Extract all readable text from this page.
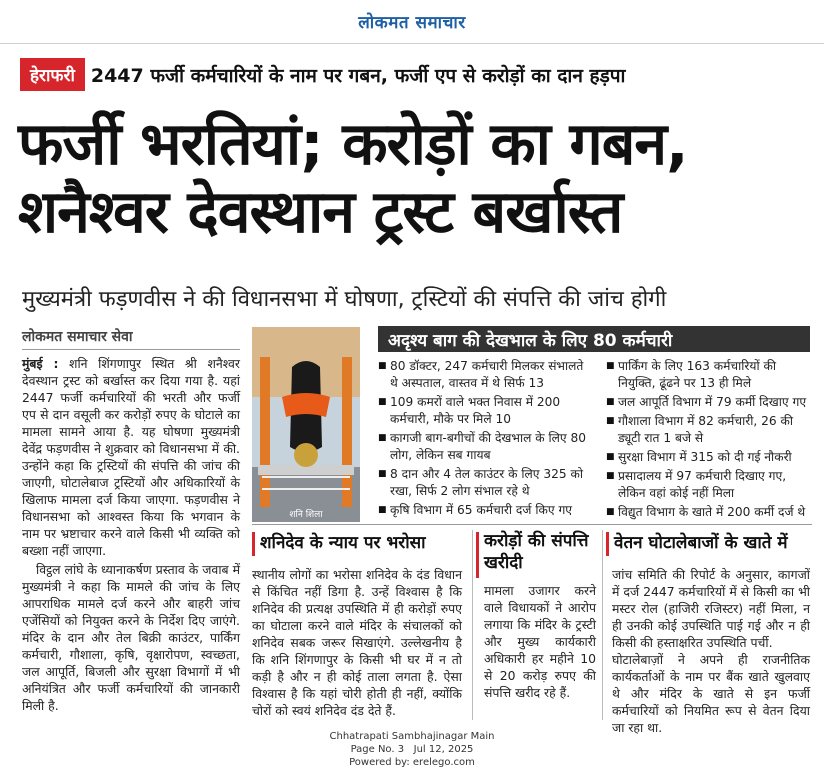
लोकमत समाचार
हेराफरी 2447 फर्जी कर्मचारियों के नाम पर गबन, फर्जी एप से करोड़ों का दान हड़पा
फर्जी भरतियां; करोड़ों का गबन,
शनैश्वर देवस्थान ट्रस्ट बर्खास्त
मुख्यमंत्री फड़णवीस ने की विधानसभा में घोषणा, ट्रस्टियों की संपत्ति की जांच होगी
लोकमत समाचार सेवा

मुंबई : शनि शिंगणापुर स्थित श्री शनैश्वर देवस्थान ट्रस्ट को बर्खास्त कर दिया गया है. यहां 2447 फर्जी कर्मचारियों की भरती और फर्जी एप से दान वसूली कर करोड़ों रुपए के घोटाले का मामला सामने आया है. यह घोषणा मुख्यमंत्री देवेंद्र फड़णवीस ने शुक्रवार को विधानसभा में की. उन्होंने कहा कि ट्रस्टियों की संपत्ति की जांच की जाएगी, घोटालेबाज ट्रस्टियों और अधिकारियों के खिलाफ मामला दर्ज किया जाएगा. फड़णवीस ने विधानसभा को आश्वस्त किया कि भगवान के नाम पर भ्रष्टाचार करने वाले किसी भी व्यक्ति को बख्शा नहीं जाएगा.

विट्ठल लांघे के ध्यानाकर्षण प्रस्ताव के जवाब में मुख्यमंत्री ने कहा कि मामले की जांच के लिए आपराधिक मामले दर्ज करने और बाहरी जांच एजेंसियों को नियुक्त करने के निर्देश दिए जाएंगे. मंदिर के दान और तेल बिक्री काउंटर, पार्किंग कर्मचारी, गौशाला, कृषि, वृक्षारोपण, स्वच्छता, जल आपूर्ति, बिजली और सुरक्षा विभागों में भी अनियंत्रित और फर्जी कर्मचारियों की जानकारी मिली है.

शनि शिला
अदृश्य बाग की देखभाल के लिए 80 कर्मचारी
■ 80 डॉक्टर, 247 कर्मचारी मिलकर संभालते थे अस्पताल, वास्तव में थे सिर्फ 13
■ 109 कमरों वाले भक्त निवास में 200 कर्मचारी, मौके पर मिले 10
■ कागजी बाग-बगीचों की देखभाल के लिए 80 लोग, लेकिन सब गायब
■ 8 दान और 4 तेल काउंटर के लिए 325 को रखा, सिर्फ 2 लोग संभाल रहे थे
■ कृषि विभाग में 65 कर्मचारी दर्ज किए गए
■ पार्किंग के लिए 163 कर्मचारियों की नियुक्ति, ढूंढने पर 13 ही मिले
■ जल आपूर्ति विभाग में 79 कर्मी दिखाए गए
■ गौशाला विभाग में 82 कर्मचारी, 26 की ड्यूटी रात 1 बजे से
■ सुरक्षा विभाग में 315 को दी गई नौकरी
■ प्रसादालय में 97 कर्मचारी दिखाए गए, लेकिन वहां कोई नहीं मिला
■ विद्युत विभाग के खाते में 200 कर्मी दर्ज थे
शनिदेव के न्याय पर भरोसा
स्थानीय लोगों का भरोसा शनिदेव के दंड विधान से किंचित नहीं डिगा है. उन्हें विश्वास है कि शनिदेव की प्रत्यक्ष उपस्थिति में ही करोड़ों रुपए का घोटाला करने वाले मंदिर के संचालकों को शनिदेव सबक जरूर सिखाएंगे. उल्लेखनीय है कि शनि शिंगणापुर के किसी भी घर में न तो कड़ी है और न ही कोई ताला लगता है. ऐसा विश्वास है कि यहां चोरी होती ही नहीं, क्योंकि चोरों को स्वयं शनिदेव दंड देते हैं.
करोड़ों की संपत्ति खरीदी
मामला उजागर करने वाले विधायकों ने आरोप लगाया कि मंदिर के ट्रस्टी और मुख्य कार्यकारी अधिकारी हर महीने 10 से 20 करोड़ रुपए की संपत्ति खरीद रहे हैं.
वेतन घोटालेबाजों के खाते में

जांच समिति की रिपोर्ट के अनुसार, कागजों में दर्ज 2447 कर्मचारियों में से किसी का भी मस्टर रोल (हाजिरी रजिस्टर) नहीं मिला, न ही उनकी कोई उपस्थिति पाई गई और न ही किसी की हस्ताक्षरित उपस्थिति पर्ची.

घोटालेबाज़ों ने अपने ही राजनीतिक कार्यकर्ताओं के नाम पर बैंक खाते खुलवाए थे और मंदिर के खाते से इन फर्जी कर्मचारियों को नियमित रूप से वेतन दिया जा रहा था.

Chhatrapati Sambhajinagar Main
Page No. 3 Jul 12, 2025
Powered by: erelego.com
